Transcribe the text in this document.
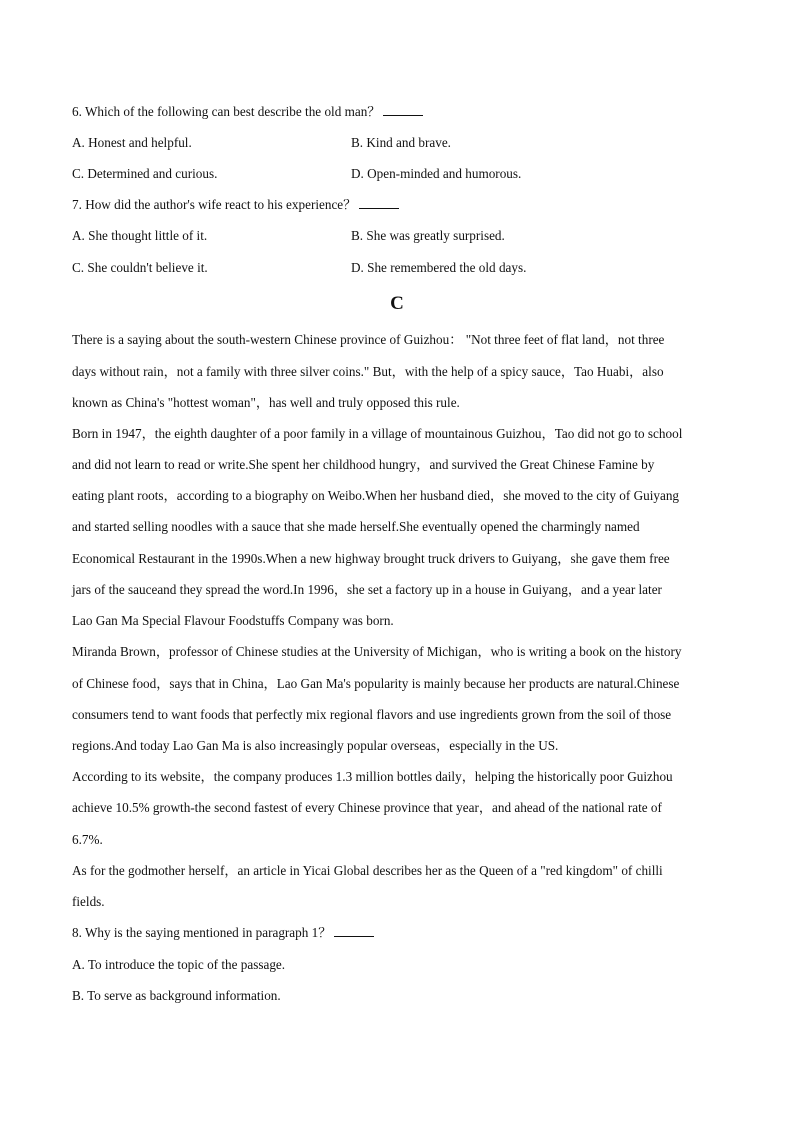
6. Which of the following can best describe the old man？
A. Honest and helpful.	B. Kind and brave.
C. Determined and curious.	D. Open-minded and humorous.
7. How did the author's wife react to his experience？
A. She thought little of it.	B. She was greatly surprised.
C. She couldn't believe it.	D. She remembered the old days.
C
There is a saying about the south-western Chinese province of Guizhou： "Not three feet of flat land，not three
days without rain，not a family with three silver coins." But，with the help of a spicy sauce，Tao Huabi，also
known as China's "hottest woman"，has well and truly opposed this rule.
Born in 1947，the eighth daughter of a poor family in a village of mountainous Guizhou，Tao did not go to school
and did not learn to read or write.She spent her childhood hungry，and survived the Great Chinese Famine by
eating plant roots，according to a biography on Weibo.When her husband died，she moved to the city of Guiyang
and started selling noodles with a sauce that she made herself.She eventually opened the charmingly named
Economical Restaurant in the 1990s.When a new highway brought truck drivers to Guiyang，she gave them free
jars of the sauceand they spread the word.In 1996，she set a factory up in a house in Guiyang，and a year later
Lao Gan Ma Special Flavour Foodstuffs Company was born.
Miranda Brown，professor of Chinese studies at the University of Michigan，who is writing a book on the history
of Chinese food，says that in China，Lao Gan Ma's popularity is mainly because her products are natural.Chinese
consumers tend to want foods that perfectly mix regional flavors and use ingredients grown from the soil of those
regions.And today Lao Gan Ma is also increasingly popular overseas，especially in the US.
According to its website，the company produces 1.3 million bottles daily，helping the historically poor Guizhou
achieve 10.5% growth-the second fastest of every Chinese province that year，and ahead of the national rate of
6.7%.
As for the godmother herself，an article in Yicai Global describes her as the Queen of a "red kingdom" of chilli
fields.
8. Why is the saying mentioned in paragraph 1？
A. To introduce the topic of the passage.
B. To serve as background information.
